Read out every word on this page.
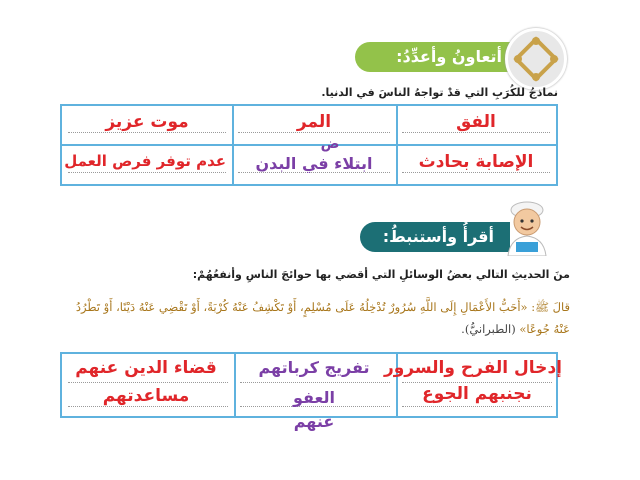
أتعاونُ وأعدِّدُ:
نماذجُ للكُرَبِ التي قدْ تواجهُ الناسَ في الدنيا.
الفق
المر
موت عزيز
الإصابة بحادث
ابتلاء في البدن
ض
عدم توفر فرص العمل
أقرأُ وأستنبطُ:
منَ الحديثِ التالي بعضُ الوسائلِ التي أقضي بها حوائجَ الناسِ وأنفعُهُمْ:
قالَ ﷺ: «أَحَبُّ الأَعْمَالِ إِلَى اللَّهِ سُرُورٌ تُدْخِلُهُ عَلَى مُسْلِمٍ، أَوْ تَكْشِفُ عَنْهُ كُرْبَةً، أَوْ تَقْضِي عَنْهُ دَيْنًا، أَوْ تَطْرُدُ
عَنْهُ جُوعًا» (الطبرانيُّ).
إدخال الفرح والسرور
نجنبهم الجوع
تفريج كرباتهم
العفو
عنهم
قضاء الدين عنهم
مساعدتهم
